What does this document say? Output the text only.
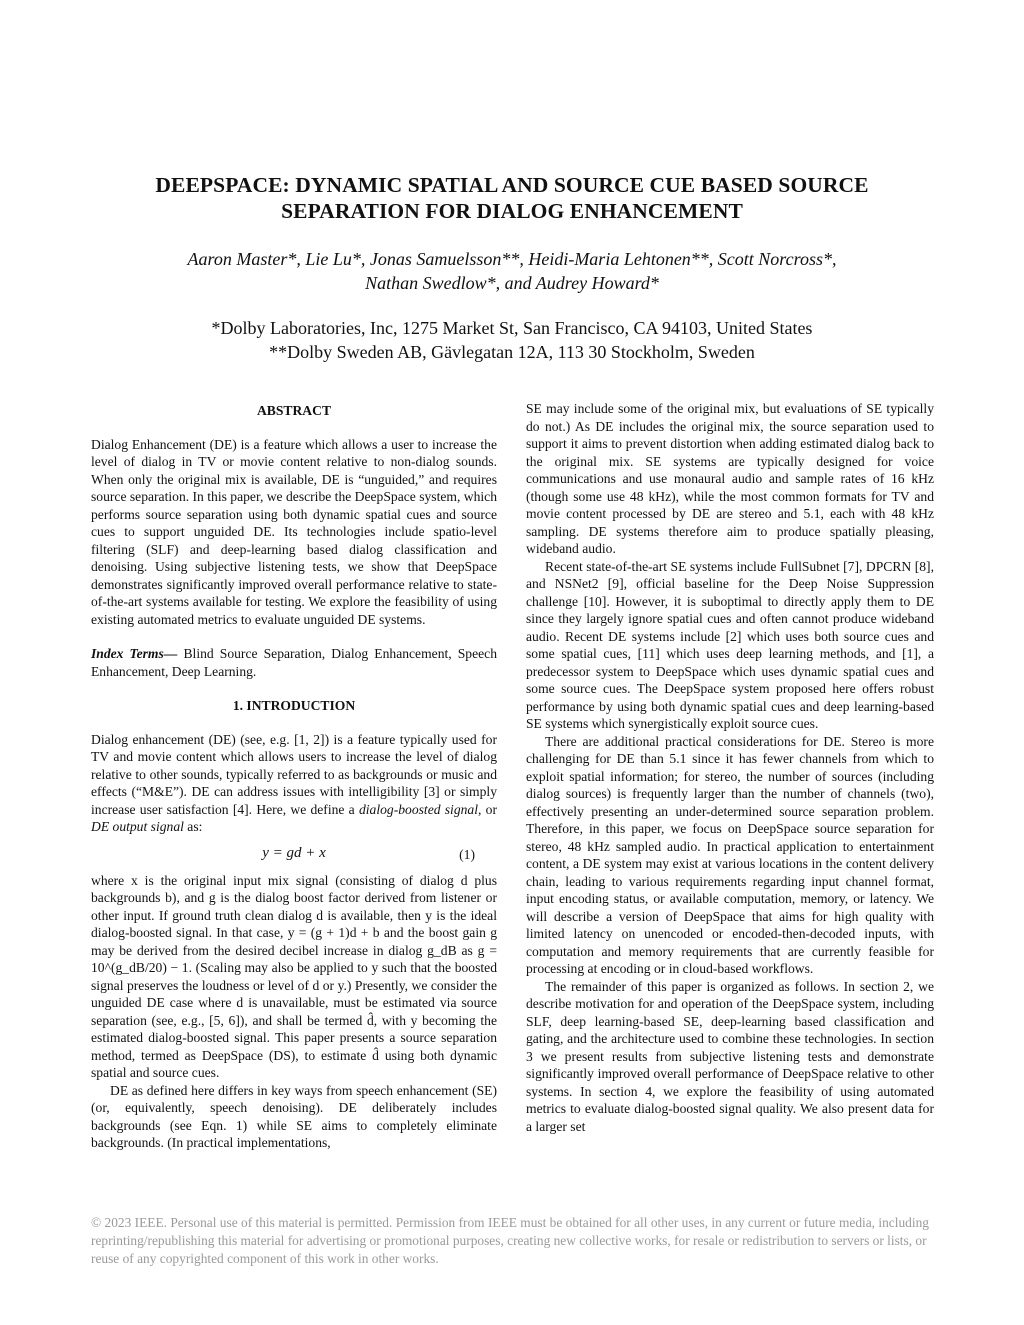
DEEPSPACE: DYNAMIC SPATIAL AND SOURCE CUE BASED SOURCE
SEPARATION FOR DIALOG ENHANCEMENT
Aaron Master*, Lie Lu*, Jonas Samuelsson**, Heidi-Maria Lehtonen**, Scott Norcross*,
Nathan Swedlow*, and Audrey Howard*
*Dolby Laboratories, Inc, 1275 Market St, San Francisco, CA 94103, United States
**Dolby Sweden AB, Gävlegatan 12A, 113 30 Stockholm, Sweden
ABSTRACT

Dialog Enhancement (DE) is a feature which allows a user to increase the level of dialog in TV or movie content relative to non-dialog sounds. When only the original mix is available, DE is “unguided,” and requires source separation. In this paper, we describe the DeepSpace system, which performs source separation using both dynamic spatial cues and source cues to support unguided DE. Its technologies include spatio-level filtering (SLF) and deep-learning based dialog classification and denoising. Using subjective listening tests, we show that DeepSpace demonstrates significantly improved overall performance relative to state-of-the-art systems available for testing. We explore the feasibility of using existing automated metrics to evaluate unguided DE systems.

Index Terms— Blind Source Separation, Dialog Enhancement, Speech Enhancement, Deep Learning.

1. INTRODUCTION

Dialog enhancement (DE) (see, e.g. [1, 2]) is a feature typically used for TV and movie content which allows users to increase the level of dialog relative to other sounds, typically referred to as backgrounds or music and effects (“M&E”). DE can address issues with intelligibility [3] or simply increase user satisfaction [4]. Here, we define a dialog-boosted signal, or DE output signal as:

y = gd + x	(1)

where x is the original input mix signal (consisting of dialog d plus backgrounds b), and g is the dialog boost factor derived from listener or other input. If ground truth clean dialog d is available, then y is the ideal dialog-boosted signal. In that case, y = (g + 1)d + b and the boost gain g may be derived from the desired decibel increase in dialog g_dB as g = 10^(g_dB/20) − 1. (Scaling may also be applied to y such that the boosted signal preserves the loudness or level of d or y.) Presently, we consider the unguided DE case where d is unavailable, must be estimated via source separation (see, e.g., [5, 6]), and shall be termed d̂, with y becoming the estimated dialog-boosted signal. This paper presents a source separation method, termed as DeepSpace (DS), to estimate d̂ using both dynamic spatial and source cues.

DE as defined here differs in key ways from speech enhancement (SE) (or, equivalently, speech denoising). DE deliberately includes backgrounds (see Eqn. 1) while SE aims to completely eliminate backgrounds. (In practical implementations,

SE may include some of the original mix, but evaluations of SE typically do not.) As DE includes the original mix, the source separation used to support it aims to prevent distortion when adding estimated dialog back to the original mix. SE systems are typically designed for voice communications and use monaural audio and sample rates of 16 kHz (though some use 48 kHz), while the most common formats for TV and movie content processed by DE are stereo and 5.1, each with 48 kHz sampling. DE systems therefore aim to produce spatially pleasing, wideband audio.

Recent state-of-the-art SE systems include FullSubnet [7], DPCRN [8], and NSNet2 [9], official baseline for the Deep Noise Suppression challenge [10]. However, it is suboptimal to directly apply them to DE since they largely ignore spatial cues and often cannot produce wideband audio. Recent DE systems include [2] which uses both source cues and some spatial cues, [11] which uses deep learning methods, and [1], a predecessor system to DeepSpace which uses dynamic spatial cues and some source cues. The DeepSpace system proposed here offers robust performance by using both dynamic spatial cues and deep learning-based SE systems which synergistically exploit source cues.

There are additional practical considerations for DE. Stereo is more challenging for DE than 5.1 since it has fewer channels from which to exploit spatial information; for stereo, the number of sources (including dialog sources) is frequently larger than the number of channels (two), effectively presenting an under-determined source separation problem. Therefore, in this paper, we focus on DeepSpace source separation for stereo, 48 kHz sampled audio. In practical application to entertainment content, a DE system may exist at various locations in the content delivery chain, leading to various requirements regarding input channel format, input encoding status, or available computation, memory, or latency. We will describe a version of DeepSpace that aims for high quality with limited latency on unencoded or encoded-then-decoded inputs, with computation and memory requirements that are currently feasible for processing at encoding or in cloud-based workflows.

The remainder of this paper is organized as follows. In section 2, we describe motivation for and operation of the DeepSpace system, including SLF, deep learning-based SE, deep-learning based classification and gating, and the architecture used to combine these technologies. In section 3 we present results from subjective listening tests and demonstrate significantly improved overall performance of DeepSpace relative to other systems. In section 4, we explore the feasibility of using automated metrics to evaluate dialog-boosted signal quality. We also present data for a larger set

© 2023 IEEE. Personal use of this material is permitted. Permission from IEEE must be obtained for all other uses, in any current or future media, including reprinting/republishing this material for advertising or promotional purposes, creating new collective works, for resale or redistribution to servers or lists, or reuse of any copyrighted component of this work in other works.
